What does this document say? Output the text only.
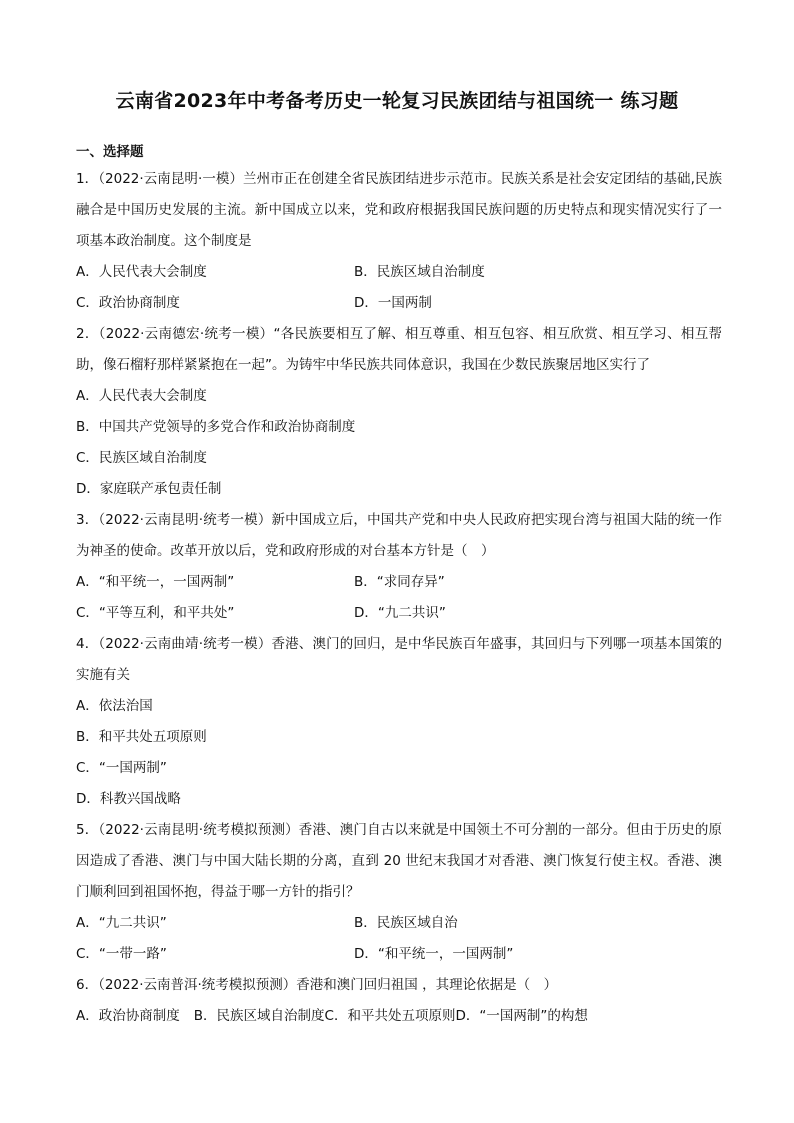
云南省2023年中考备考历史一轮复习民族团结与祖国统一 练习题
一、选择题

1．（2022·云南昆明·一模）兰州市正在创建全省民族团结进步示范市。民族关系是社会安定团结的基础,民族融合是中国历史发展的主流。新中国成立以来，党和政府根据我国民族问题的历史特点和现实情况实行了一项基本政治制度。这个制度是

A．人民代表大会制度	B．民族区域自治制度
C．政治协商制度	D．一国两制

2．（2022·云南德宏·统考一模）“各民族要相互了解、相互尊重、相互包容、相互欣赏、相互学习、相互帮助，像石榴籽那样紧紧抱在一起”。为铸牢中华民族共同体意识，我国在少数民族聚居地区实行了

A．人民代表大会制度
B．中国共产党领导的多党合作和政治协商制度
C．民族区域自治制度
D．家庭联产承包责任制

3．（2022·云南昆明·统考一模）新中国成立后，中国共产党和中央人民政府把实现台湾与祖国大陆的统一作为神圣的使命。改革开放以后，党和政府形成的对台基本方针是（　）

A．“和平统一，一国两制”	B．“求同存异”
C．“平等互利，和平共处”	D．“九二共识”

4．（2022·云南曲靖·统考一模）香港、澳门的回归，是中华民族百年盛事，其回归与下列哪一项基本国策的实施有关

A．依法治国
B．和平共处五项原则
C．“一国两制”
D．科教兴国战略

5．（2022·云南昆明·统考模拟预测）香港、澳门自古以来就是中国领土不可分割的一部分。但由于历史的原因造成了香港、澳门与中国大陆长期的分离，直到 20 世纪末我国才对香港、澳门恢复行使主权。香港、澳门顺利回到祖国怀抱，得益于哪一方针的指引？

A．“九二共识”	B．民族区域自治
C．“一带一路”	D．“和平统一，一国两制”

6．（2022·云南普洱·统考模拟预测）香港和澳门回归祖国 ，其理论依据是（　）

A．政治协商制度 B．民族区域自治制度C．和平共处五项原则D．“一国两制”的构想
